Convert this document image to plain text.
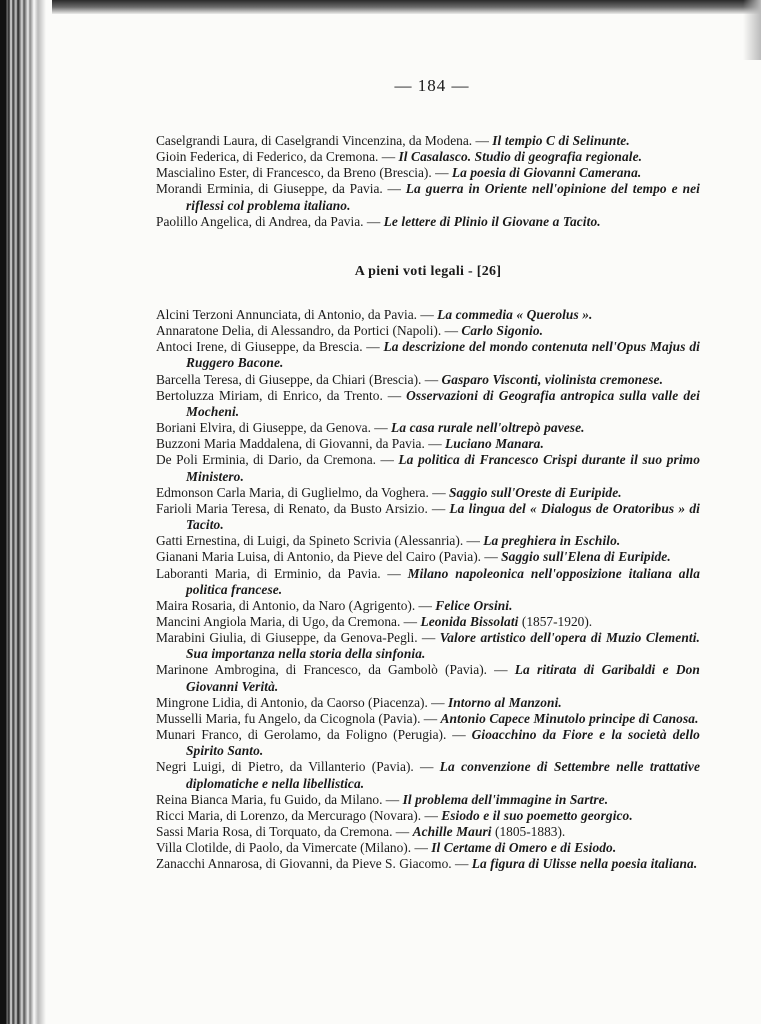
— 184 —
Caselgrandi Laura, di Caselgrandi Vincenzina, da Modena. — Il tempio C di Selinunte.
Gioin Federica, di Federico, da Cremona. — Il Casalasco. Studio di geografia regionale.
Mascialino Ester, di Francesco, da Breno (Brescia). — La poesia di Giovanni Camerana.
Morandi Erminia, di Giuseppe, da Pavia. — La guerra in Oriente nell'opinione del tempo e nei riflessi col problema italiano.
Paolillo Angelica, di Andrea, da Pavia. — Le lettere di Plinio il Giovane a Tacito.
A pieni voti legali - [26]
Alcini Terzoni Annunciata, di Antonio, da Pavia. — La commedia « Querolus ».
Annaratone Delia, di Alessandro, da Portici (Napoli). — Carlo Sigonio.
Antoci Irene, di Giuseppe, da Brescia. — La descrizione del mondo contenuta nell'Opus Majus di Ruggero Bacone.
Barcella Teresa, di Giuseppe, da Chiari (Brescia). — Gasparo Visconti, violinista cremonese.
Bertoluzza Miriam, di Enrico, da Trento. — Osservazioni di Geografia antropica sulla valle dei Mocheni.
Boriani Elvira, di Giuseppe, da Genova. — La casa rurale nell'oltrepò pavese.
Buzzoni Maria Maddalena, di Giovanni, da Pavia. — Luciano Manara.
De Poli Erminia, di Dario, da Cremona. — La politica di Francesco Crispi durante il suo primo Ministero.
Edmonson Carla Maria, di Guglielmo, da Voghera. — Saggio sull'Oreste di Euripide.
Farioli Maria Teresa, di Renato, da Busto Arsizio. — La lingua del « Dialogus de Oratoribus » di Tacito.
Gatti Ernestina, di Luigi, da Spineto Scrivia (Alessanria). — La preghiera in Eschilo.
Gianani Maria Luisa, di Antonio, da Pieve del Cairo (Pavia). — Saggio sull'Elena di Euripide.
Laboranti Maria, di Erminio, da Pavia. — Milano napoleonica nell'opposizione italiana alla politica francese.
Maira Rosaria, di Antonio, da Naro (Agrigento). — Felice Orsini.
Mancini Angiola Maria, di Ugo, da Cremona. — Leonida Bissolati (1857-1920).
Marabini Giulia, di Giuseppe, da Genova-Pegli. — Valore artistico dell'opera di Muzio Clementi. Sua importanza nella storia della sinfonia.
Marinone Ambrogina, di Francesco, da Gambolò (Pavia). — La ritirata di Garibaldi e Don Giovanni Verità.
Mingrone Lidia, di Antonio, da Caorso (Piacenza). — Intorno al Manzoni.
Musselli Maria, fu Angelo, da Cicognola (Pavia). — Antonio Capece Minutolo principe di Canosa.
Munari Franco, di Gerolamo, da Foligno (Perugia). — Gioacchino da Fiore e la società dello Spirito Santo.
Negri Luigi, di Pietro, da Villanterio (Pavia). — La convenzione di Settembre nelle trattative diplomatiche e nella libellistica.
Reina Bianca Maria, fu Guido, da Milano. — Il problema dell'immagine in Sartre.
Ricci Maria, di Lorenzo, da Mercurago (Novara). — Esiodo e il suo poemetto georgico.
Sassi Maria Rosa, di Torquato, da Cremona. — Achille Mauri (1805-1883).
Villa Clotilde, di Paolo, da Vimercate (Milano). — Il Certame di Omero e di Esiodo.
Zanacchi Annarosa, di Giovanni, da Pieve S. Giacomo. — La figura di Ulisse nella poesia italiana.
